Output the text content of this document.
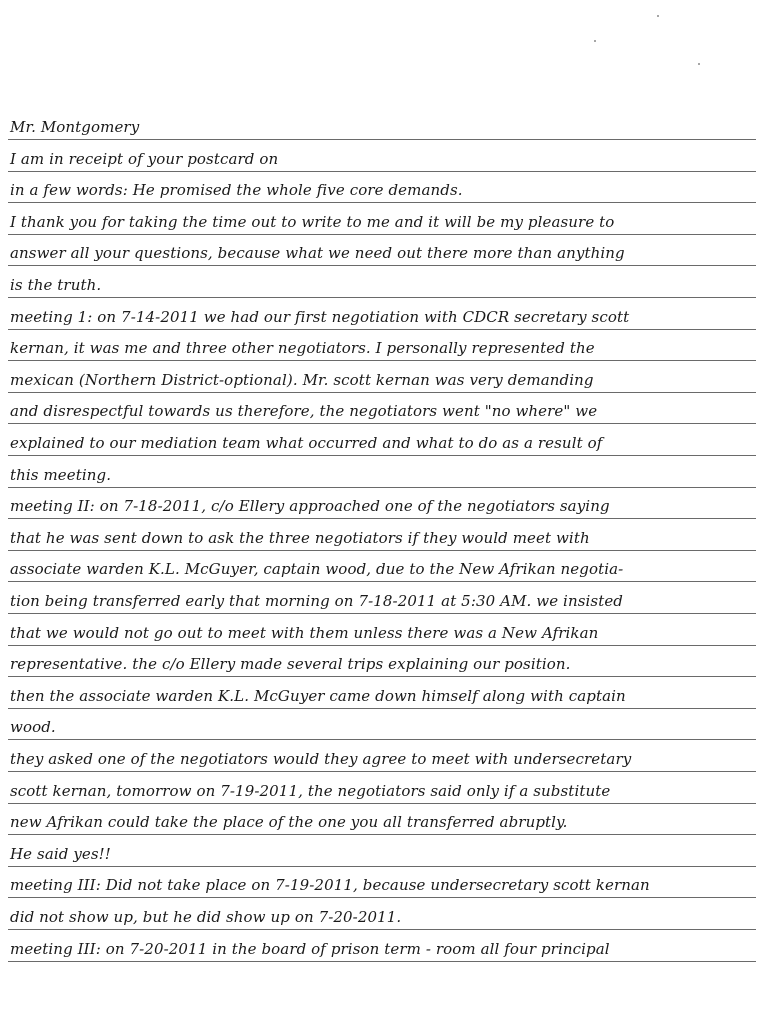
Mr. Montgomery
I am in receipt of your postcard on
in a few words: He promised the whole five core demands.
I thank you for taking the time out to write to me and it will be my pleasure to
answer all your questions, because what we need out there more than anything
is the truth.
meeting 1: on 7-14-2011 we had our first negotiation with CDCR secretary scott
kernan, it was me and three other negotiators. I personally represented the
mexican (Northern District-optional). Mr. scott kernan was very demanding
and disrespectful towards us therefore, the negotiators went "no where" we
explained to our mediation team what occurred and what to do as a result of
this meeting.
meeting II: on 7-18-2011, c/o Ellery approached one of the negotiators saying
that he was sent down to ask the three negotiators if they would meet with
associate warden K.L. McGuyer, captain wood, due to the New Afrikan negotia-
tion being transferred early that morning on 7-18-2011 at 5:30 AM. we insisted
that we would not go out to meet with them unless there was a New Afrikan
representative. the c/o Ellery made several trips explaining our position.
then the associate warden K.L. McGuyer came down himself along with captain
wood.
they asked one of the negotiators would they agree to meet with undersecretary
scott kernan, tomorrow on 7-19-2011, the negotiators said only if a substitute
new Afrikan could take the place of the one you all transferred abruptly.
He said yes!!
meeting III: Did not take place on 7-19-2011, because undersecretary scott kernan
did not show up, but he did show up on 7-20-2011.
meeting III: on 7-20-2011 in the board of prison term - room all four principal
